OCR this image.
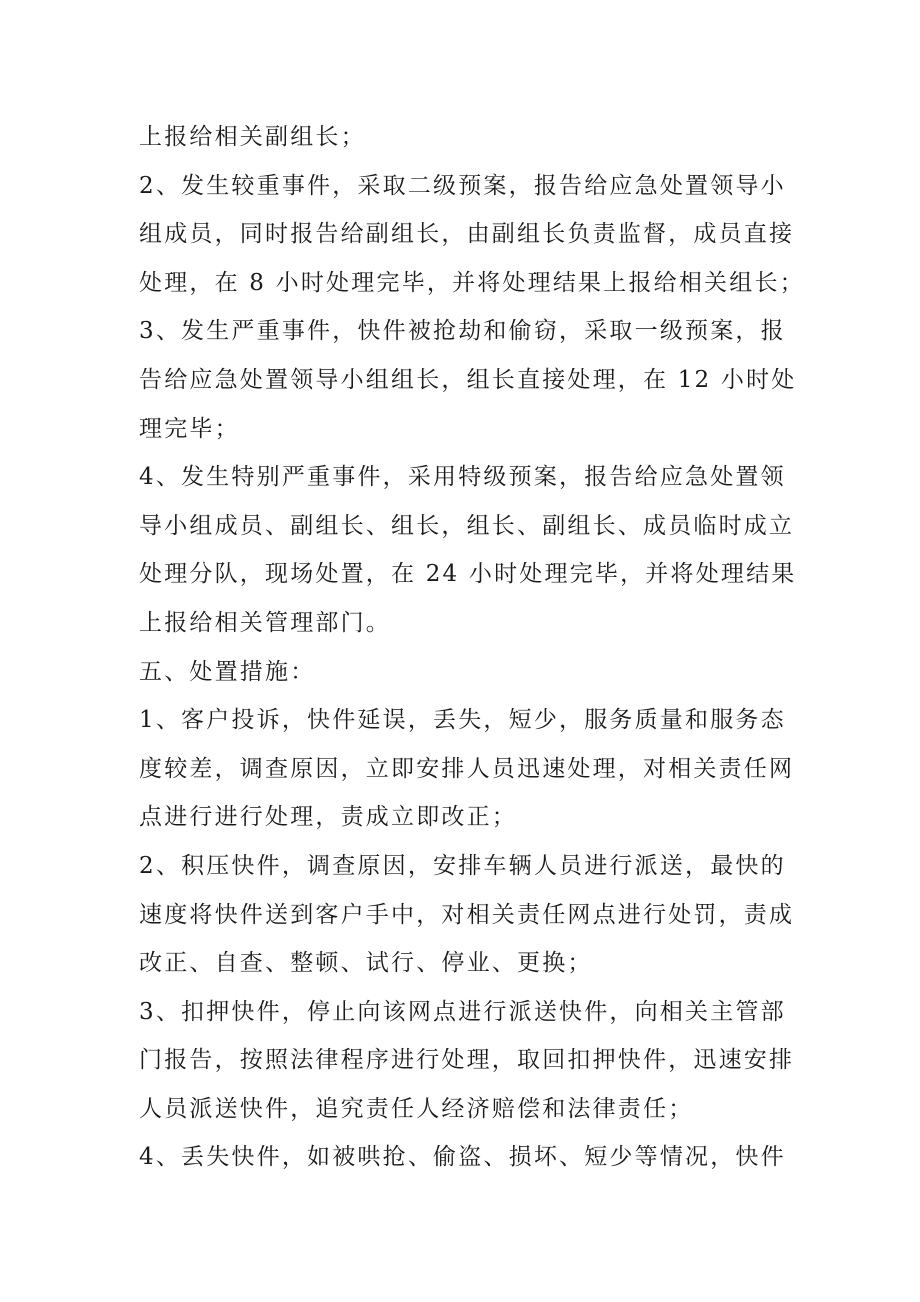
上报给相关副组长；
2、发生较重事件，采取二级预案，报告给应急处置领导小
组成员，同时报告给副组长，由副组长负责监督，成员直接
处理，在 8 小时处理完毕，并将处理结果上报给相关组长；
3、发生严重事件，快件被抢劫和偷窃，采取一级预案，报
告给应急处置领导小组组长，组长直接处理，在 12 小时处
理完毕；
4、发生特别严重事件，采用特级预案，报告给应急处置领
导小组成员、副组长、组长，组长、副组长、成员临时成立
处理分队，现场处置，在 24 小时处理完毕，并将处理结果
上报给相关管理部门。
五、处置措施：
1、客户投诉，快件延误，丢失，短少，服务质量和服务态
度较差，调查原因，立即安排人员迅速处理，对相关责任网
点进行进行处理，责成立即改正；
2、积压快件，调查原因，安排车辆人员进行派送，最快的
速度将快件送到客户手中，对相关责任网点进行处罚，责成
改正、自查、整顿、试行、停业、更换；
3、扣押快件，停止向该网点进行派送快件，向相关主管部
门报告，按照法律程序进行处理，取回扣押快件，迅速安排
人员派送快件，追究责任人经济赔偿和法律责任；
4、丢失快件，如被哄抢、偷盗、损坏、短少等情况，快件
